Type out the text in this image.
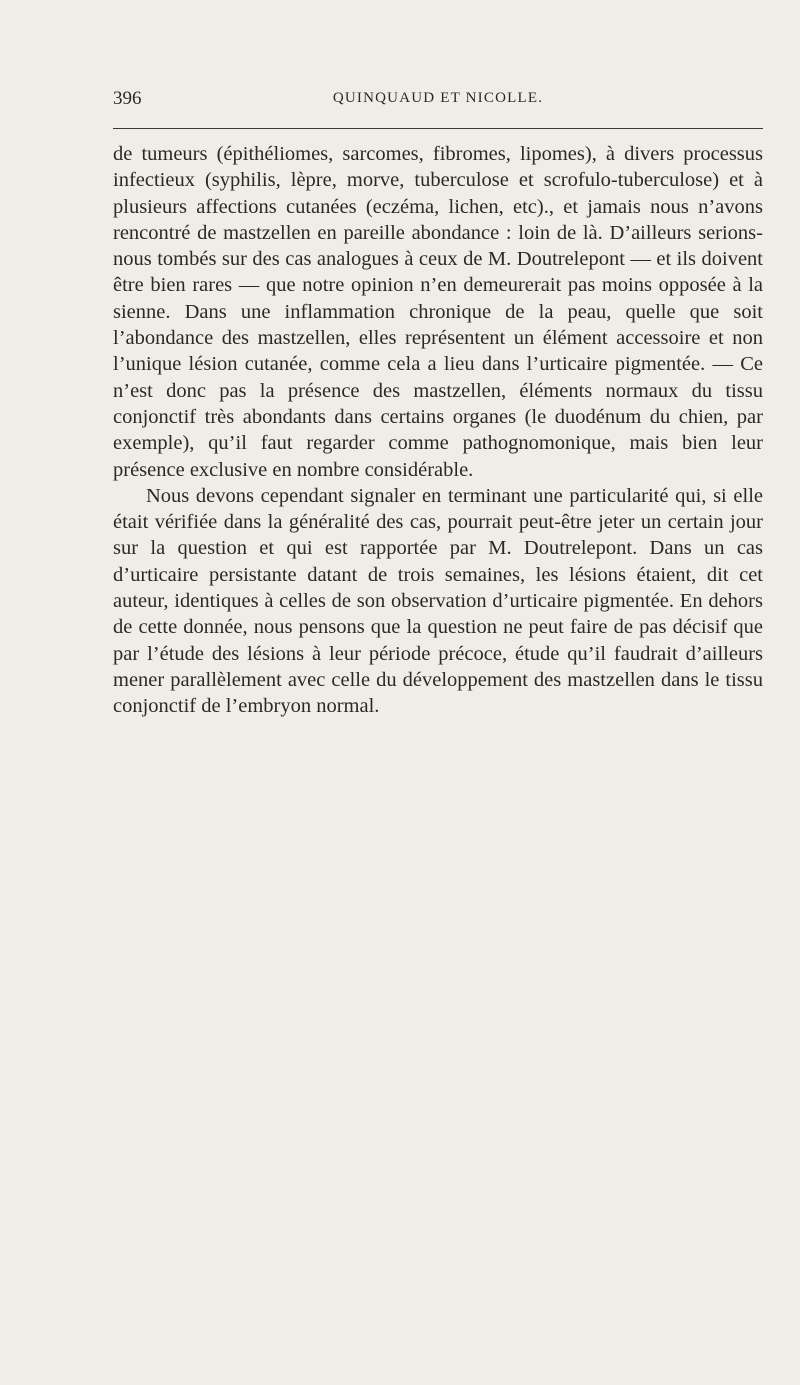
396	QUINQUAUD ET NICOLLE.

de tumeurs (épithéliomes, sarcomes, fibromes, lipomes), à divers processus infectieux (syphilis, lèpre, morve, tuberculose et scrofulo-tuberculose) et à plusieurs affections cutanées (eczéma, lichen, etc)., et jamais nous n’avons rencontré de mastzellen en pareille abondance : loin de là. D’ailleurs serions-nous tombés sur des cas analogues à ceux de M. Doutrelepont — et ils doivent être bien rares — que notre opinion n’en demeurerait pas moins opposée à la sienne. Dans une inflammation chronique de la peau, quelle que soit l’abondance des mastzellen, elles représentent un élément accessoire et non l’unique lésion cutanée, comme cela a lieu dans l’urticaire pigmentée. — Ce n’est donc pas la présence des mastzellen, éléments normaux du tissu conjonctif très abondants dans certains organes (le duodénum du chien, par exemple), qu’il faut regarder comme pathognomonique, mais bien leur présence exclusive en nombre considérable.

Nous devons cependant signaler en terminant une particularité qui, si elle était vérifiée dans la généralité des cas, pourrait peut-être jeter un certain jour sur la question et qui est rapportée par M. Doutrelepont. Dans un cas d’urticaire persistante datant de trois semaines, les lésions étaient, dit cet auteur, identiques à celles de son observation d’urticaire pigmentée. En dehors de cette donnée, nous pensons que la question ne peut faire de pas décisif que par l’étude des lésions à leur période précoce, étude qu’il faudrait d’ailleurs mener parallèlement avec celle du développement des mastzellen dans le tissu conjonctif de l’embryon normal.
